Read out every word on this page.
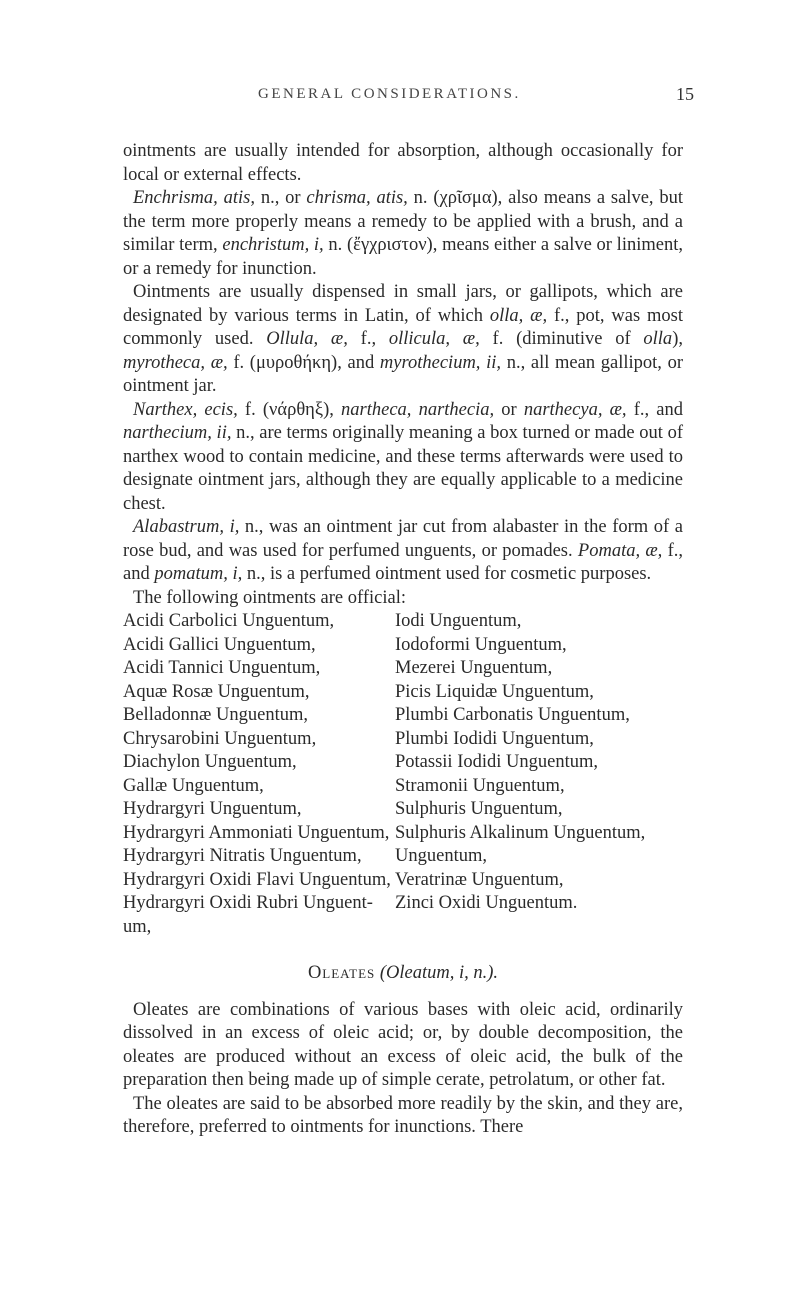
GENERAL CONSIDERATIONS.	15

ointments are usually intended for absorption, although occasionally for local or external effects.

Enchrisma, atis, n., or chrisma, atis, n. (χρῖσμα), also means a salve, but the term more properly means a remedy to be applied with a brush, and a similar term, enchristum, i, n. (ἔγχριστον), means either a salve or liniment, or a remedy for inunction.

Ointments are usually dispensed in small jars, or gallipots, which are designated by various terms in Latin, of which olla, æ, f., pot, was most commonly used. Ollula, æ, f., ollicula, æ, f. (diminutive of olla), myrotheca, æ, f. (μυροθήκη), and myrothecium, ii, n., all mean gallipot, or ointment jar.

Narthex, ecis, f. (νάρθηξ), nartheca, narthecia, or narthecya, æ, f., and narthecium, ii, n., are terms originally meaning a box turned or made out of narthex wood to contain medicine, and these terms afterwards were used to designate ointment jars, although they are equally applicable to a medicine chest.

Alabastrum, i, n., was an ointment jar cut from alabaster in the form of a rose bud, and was used for perfumed unguents, or pomades. Pomata, æ, f., and pomatum, i, n., is a perfumed ointment used for cosmetic purposes.

The following ointments are official:

Acidi Carbolici Unguentum,	Iodi Unguentum,
Acidi Gallici Unguentum,	Iodoformi Unguentum,
Acidi Tannici Unguentum,	Mezerei Unguentum,
Aquæ Rosæ Unguentum,	Picis Liquidæ Unguentum,
Belladonnæ Unguentum,	Plumbi Carbonatis Unguentum,
Chrysarobini Unguentum,	Plumbi Iodidi Unguentum,
Diachylon Unguentum,	Potassii Iodidi Unguentum,
Gallæ Unguentum,	Stramonii Unguentum,
Hydrargyri Unguentum,	Sulphuris Unguentum,
Hydrargyri Ammoniati Unguentum, Sulphuris Alkalinum Unguentum,
Hydrargyri Nitratis Unguentum,	Unguentum,
Hydrargyri Oxidi Flavi Unguentum, Veratrinæ Unguentum,
Hydrargyri Oxidi Rubri Unguent-	Zinci Oxidi Unguentum.
um,
Oleates (Oleatum, i, n.).

Oleates are combinations of various bases with oleic acid, ordinarily dissolved in an excess of oleic acid; or, by double decomposition, the oleates are produced without an excess of oleic acid, the bulk of the preparation then being made up of simple cerate, petrolatum, or other fat.

The oleates are said to be absorbed more readily by the skin, and they are, therefore, preferred to ointments for inunctions. There
